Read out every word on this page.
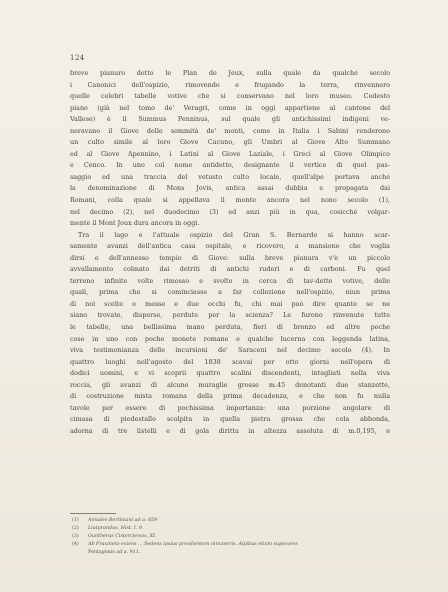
124

breve pianuro detto le Plan de Jeux, sulla quale da qualche secolo
i Canonici dell'ospizio, rimovendo e frugando la terra, rinvennero
quelle celebri tabelle votive che si conservano nel loro museo. Codesto
piano (già nel tomo de' Veragri, come in oggi appartiene al cantone del
Vallese) è il Summus Penninus, sul quale gli antichissimi indigeni ve-
neravano il Giove delle sommità de' monti, come in Italia i Sabini renderono
un culto simile al loro Giove Cacuno, gli Umbri al Giove Alto Summano
ed al Giove Apennino, i Latini al Giove Laziale, i Greci al Giove Olimpico
e Cenco. In uno col nome antidetto, designante il vertice di quel pas-
saggio ed una traccia del vetusto culto locale, quell'alpe portava anche
la denominazione di Mons Jovis, antica assai dubbia e propagata dai
Romani, colla quale si appellava il monte ancora nel nono secolo (1),
nel decimo (2), nel duodecimo (3) ed anzi più in qua, cosicché volgar-
mente il Mont Joux dura ancora in oggi.
Tra il lago e l'attuale ospizio del Gran S. Bernardo si hanno scar-
samente avanzi dell'antica casa ospitale, e ricovero, a mansione che voglia
dirsi e dell'annesso tempio di Giove: sulla breve pianura v'è un piccolo
avvallamento colmato dai detriti di antichi ruderi e di carboni. Fu quel
terreno infinite volte rimosso e svolto in cerca di tav-dette votive, delle
quali, prima che si cominciasse a far collezione nell'ospizio, niun prima
di noi scelte e messe e due occhi fu, chi mai può dire quante se ne
siano trovate, disperse, perdute per la scienza? Le furono rinvenute tutte
le tabelle, una bellissima mano perduta, fieri di bronzo ed altre poche
cose in uno con poche monete romane e qualche lucerna con leggenda latina,
viva testimonianza delle incursioni de' Saraceni nel decimo secolo (4). In
quattro luoghi nell'agosto del 1838 scavai per otto giorni nell'opera di
dodici uomini, e vi scoprii quattro scalini discendenti, intagliati nella viva
roccia, gli avanzi di alcune muraglie grosse m.45 denotanti due stanzette,
di costruzione mista romana della prima decadenza, e che non fu nulla
tavole per essere di pochissima importanza: una porzione angolare di
cimasa di piedestallo scolpita in quella pietra grossa che cola abbonda,
adorna di tre listelli e di gola diritta in altezza assoluta di m.0,195, e

(1) Annales Bertiniani ad a. 859
(2) Liutprandus, Hist. I. 9.
(3) Guntherus Cisterciensis, XI.
(4) Ab Fraxineto exiens ... Sedens ipsius prosilientem innumeris. Alpibus etiam superares
Pentagonis ad a. 911.
